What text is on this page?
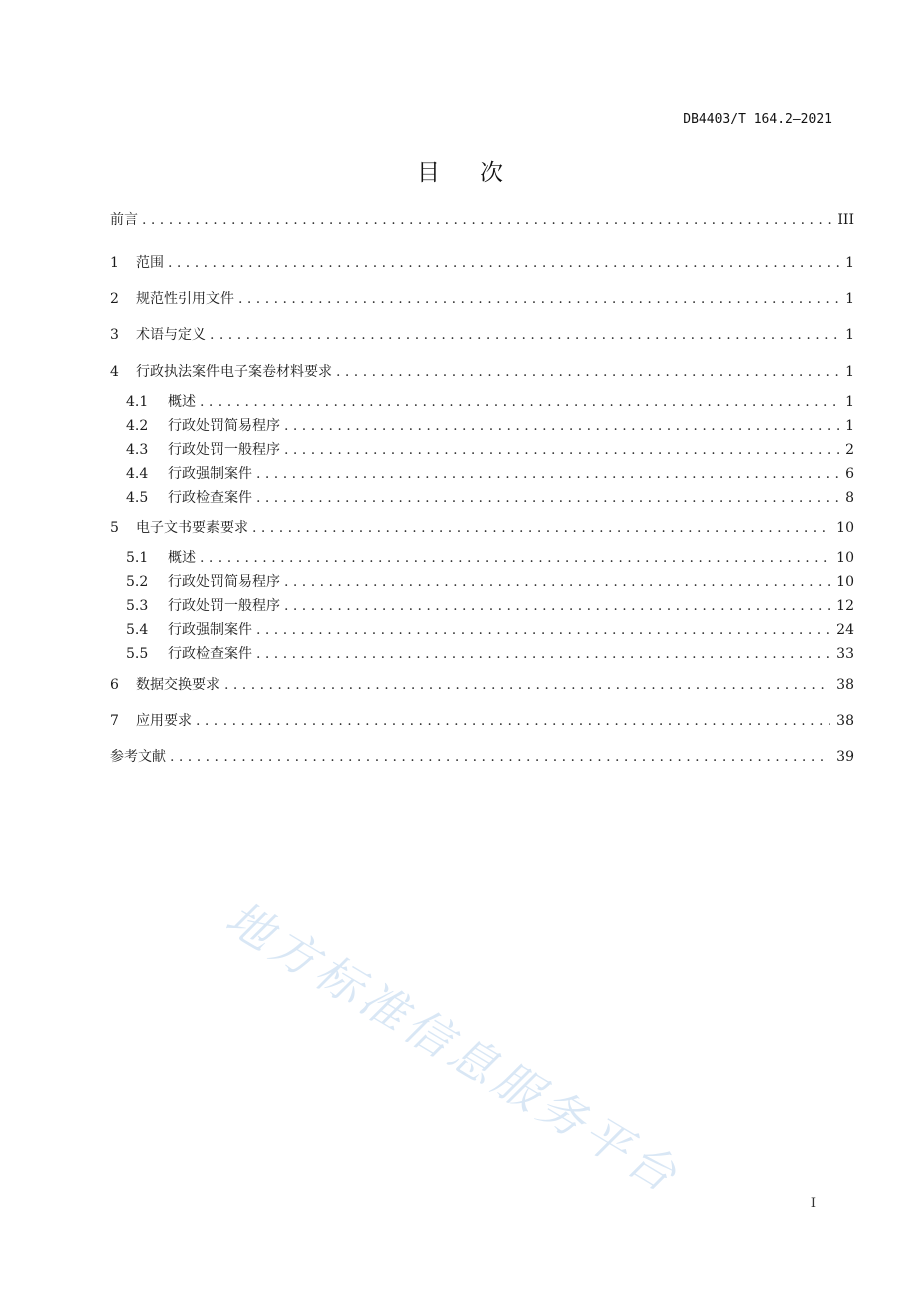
DB4403/T 164.2—2021
目次
前言 . . .	III
1	范围 . . .	1
2	规范性引用文件 . . .	1
3	术语与定义 . . .	1
4	行政执法案件电子案卷材料要求 . . .	1
4.1	概述 . . .	1
4.2	行政处罚简易程序 . . .	1
4.3	行政处罚一般程序 . . .	2
4.4	行政强制案件 . . .	6
4.5	行政检查案件 . . .	8
5	电子文书要素要求 . . .	10
5.1	概述 . . .	10
5.2	行政处罚简易程序 . . .	10
5.3	行政处罚一般程序 . . .	12
5.4	行政强制案件 . . .	24
5.5	行政检查案件 . . .	33
6	数据交换要求 . . .	38
7	应用要求 . . .	38
参考文献 . . .	39
地方标准信息服务平台	I
